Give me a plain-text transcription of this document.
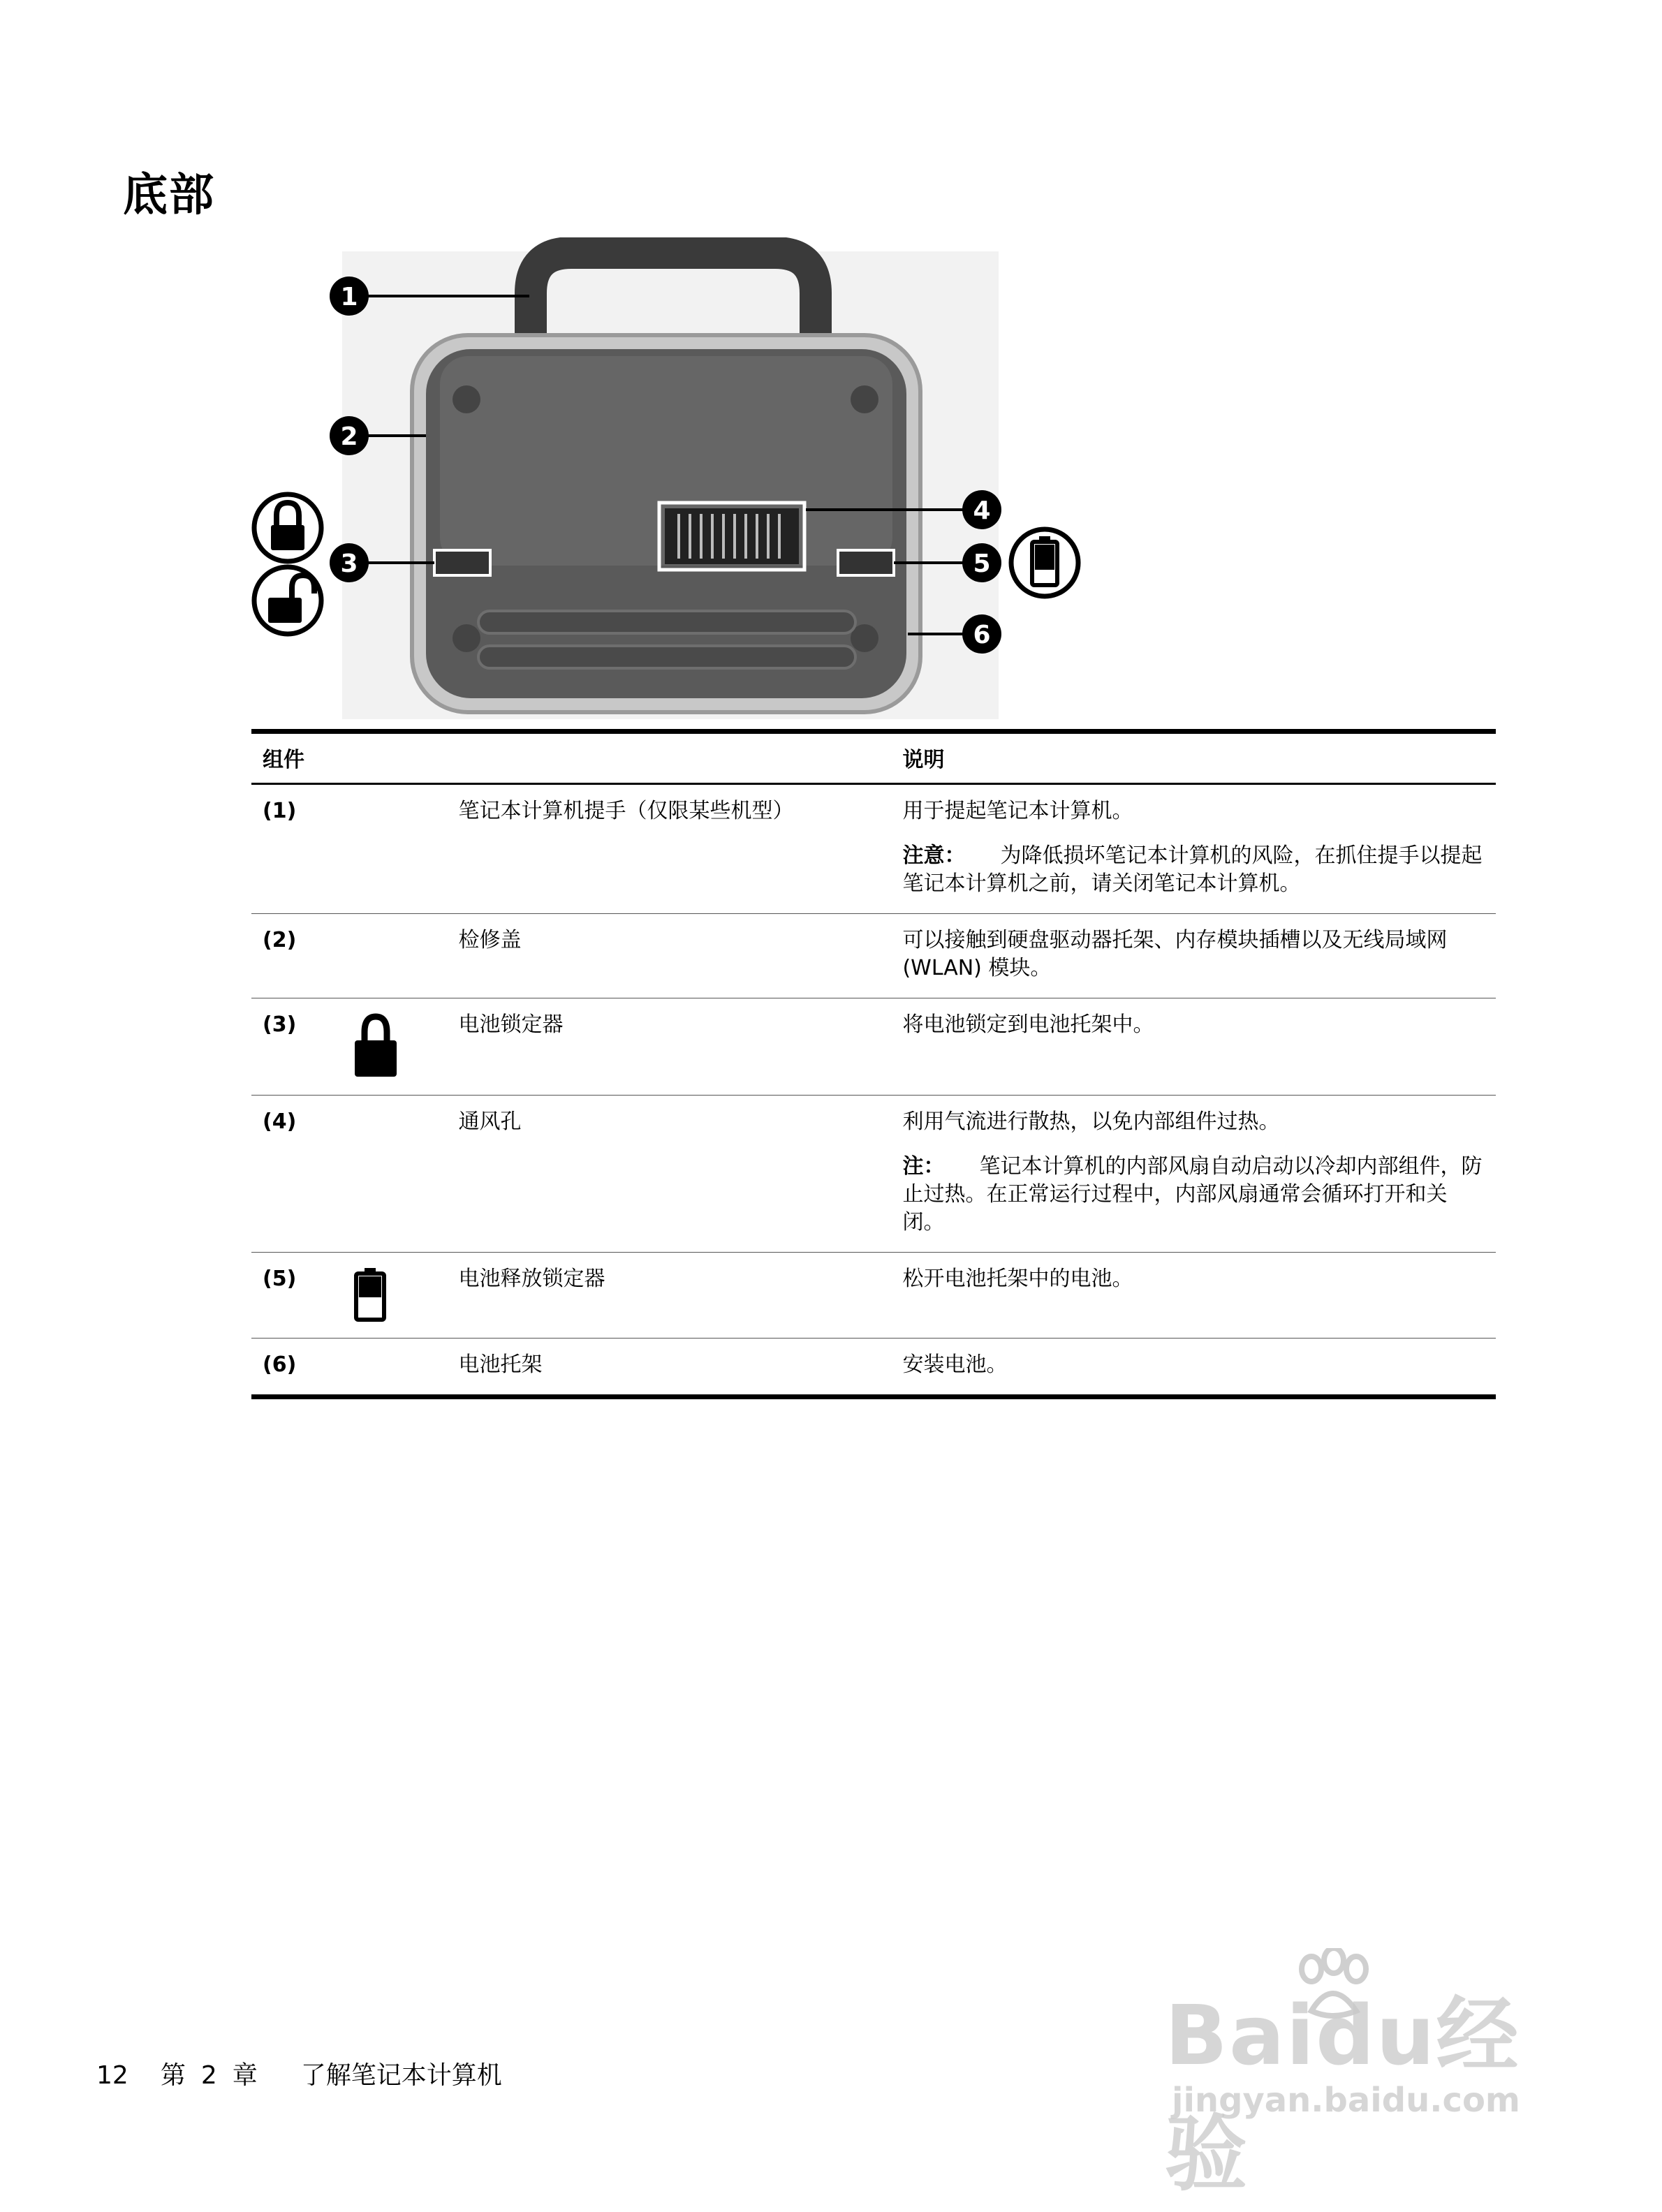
底部
1
2
3
4
5
6
组件			说明
(1)		笔记本计算机提手（仅限某些机型）	用于提起笔记本计算机。
注意： 为降低损坏笔记本计算机的风险，在抓住提手以提起笔记本计算机之前，请关闭笔记本计算机。

(2)		检修盖	可以接触到硬盘驱动器托架、内存模块插槽以及无线局域网 (WLAN) 模块。

(3)		电池锁定器	将电池锁定到电池托架中。

(4)		通风孔	利用气流进行散热，以免内部组件过热。
注： 笔记本计算机的内部风扇自动启动以冷却内部组件，防止过热。在正常运行过程中，内部风扇通常会循环打开和关闭。

(5)		电池释放锁定器	松开电池托架中的电池。

(6)		电池托架	安装电池。
12 第 2 章 了解笔记本计算机	Baidu经验
jingyan.baidu.com
